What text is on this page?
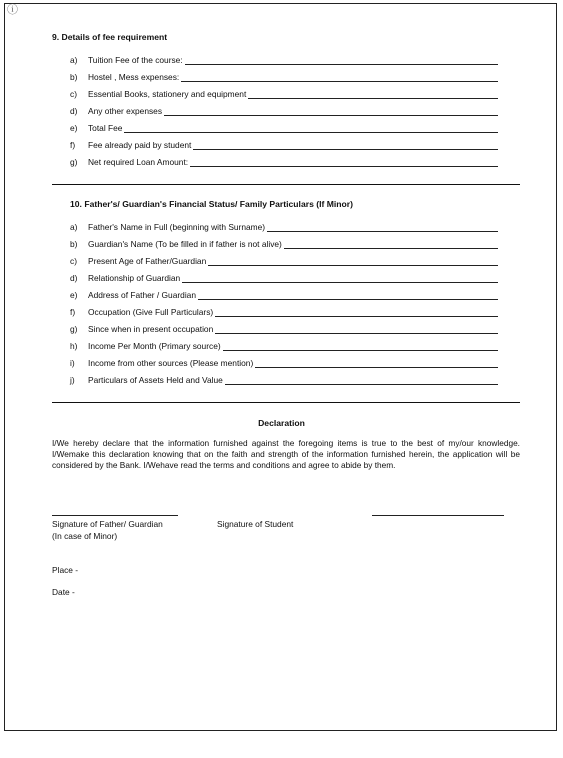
ⓘ
9. Details of fee requirement
a)	Tuition Fee of the course:
b)	Hostel , Mess expenses:
c)	Essential Books, stationery and equipment
d)	Any other expenses
e)	Total Fee
f)	Fee already paid by student
g)	Net required Loan Amount:
10. Father's/ Guardian's Financial Status/ Family Particulars (If Minor)
a)	Father's Name in Full (beginning with Surname)
b)	Guardian's Name (To be filled in if father is not alive)
c)	Present Age of Father/Guardian
d)	Relationship of Guardian
e)	Address of Father / Guardian
f)	Occupation (Give Full Particulars)
g)	Since when in present occupation
h)	Income Per Month (Primary source)
i)	Income from other sources (Please mention)
j)	Particulars of Assets Held and Value
Declaration
I/We hereby declare that the information furnished against the foregoing items is true to the best of my/our knowledge. I/Wemake this declaration knowing that on the faith and strength of the information furnished herein, the application will be considered by the Bank. I/Wehave read the terms and conditions and agree to abide by them.
Signature of Father/ Guardian
(In case of Minor)
Signature of Student
Place -
Date -
